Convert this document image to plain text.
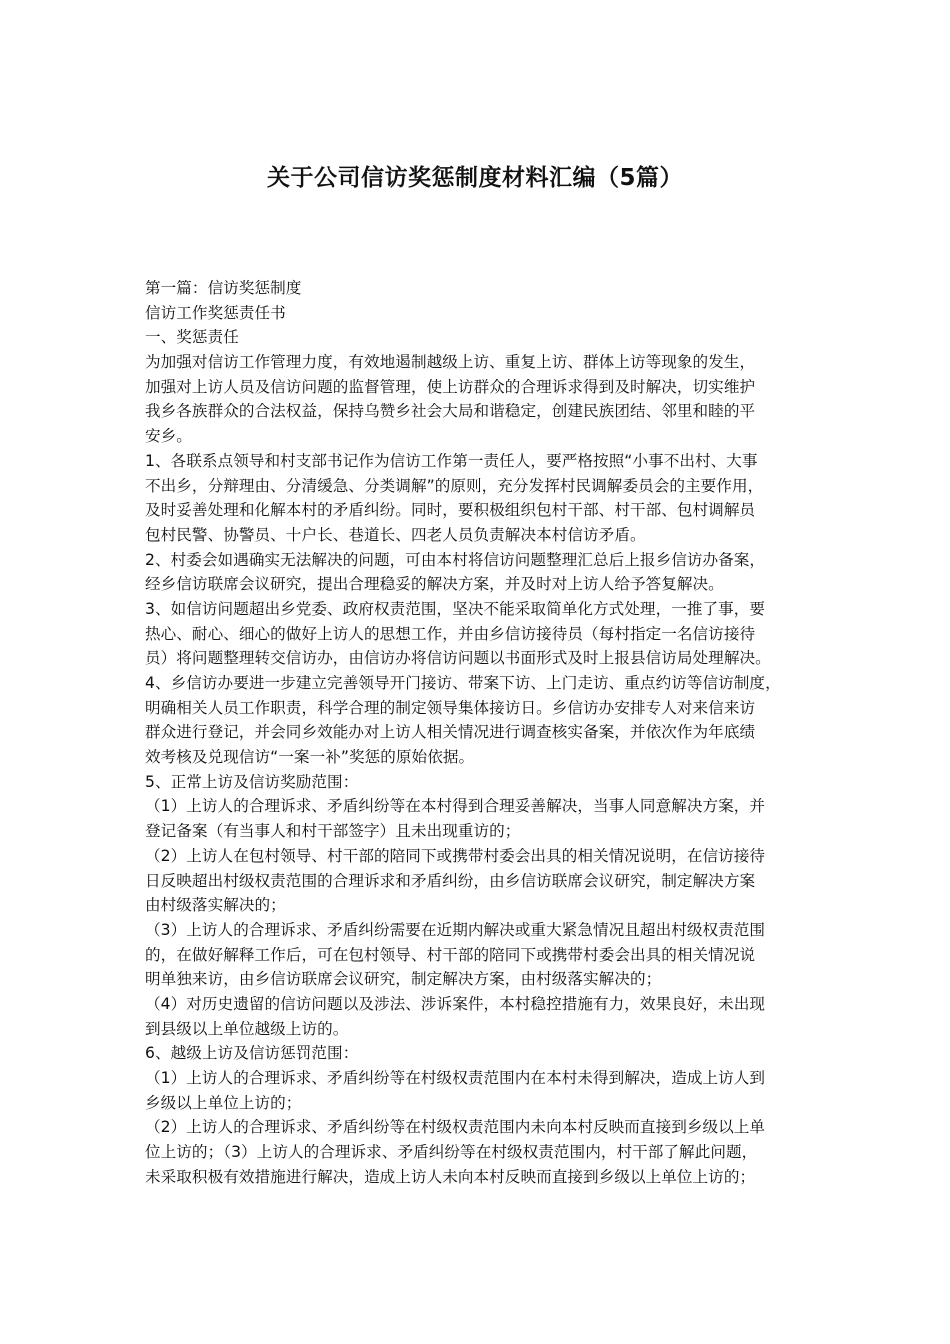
关于公司信访奖惩制度材料汇编（5篇）
第一篇：信访奖惩制度
信访工作奖惩责任书
一、奖惩责任
为加强对信访工作管理力度，有效地遏制越级上访、重复上访、群体上访等现象的发生，
加强对上访人员及信访问题的监督管理，使上访群众的合理诉求得到及时解决，切实维护
我乡各族群众的合法权益，保持乌赞乡社会大局和谐稳定，创建民族团结、邻里和睦的平
安乡。
1、各联系点领导和村支部书记作为信访工作第一责任人，要严格按照“小事不出村、大事
不出乡，分辩理由、分清缓急、分类调解”的原则，充分发挥村民调解委员会的主要作用，
及时妥善处理和化解本村的矛盾纠纷。同时，要积极组织包村干部、村干部、包村调解员
包村民警、协警员、十户长、巷道长、四老人员负责解决本村信访矛盾。
2、村委会如遇确实无法解决的问题，可由本村将信访问题整理汇总后上报乡信访办备案，
经乡信访联席会议研究，提出合理稳妥的解决方案，并及时对上访人给予答复解决。
3、如信访问题超出乡党委、政府权责范围，坚决不能采取简单化方式处理，一推了事，要
热心、耐心、细心的做好上访人的思想工作，并由乡信访接待员（每村指定一名信访接待
员）将问题整理转交信访办，由信访办将信访问题以书面形式及时上报县信访局处理解决。
4、乡信访办要进一步建立完善领导开门接访、带案下访、上门走访、重点约访等信访制度，
明确相关人员工作职责，科学合理的制定领导集体接访日。乡信访办安排专人对来信来访
群众进行登记，并会同乡效能办对上访人相关情况进行调查核实备案，并依次作为年底绩
效考核及兑现信访“一案一补”奖惩的原始依据。
5、正常上访及信访奖励范围：
（1）上访人的合理诉求、矛盾纠纷等在本村得到合理妥善解决，当事人同意解决方案，并
登记备案（有当事人和村干部签字）且未出现重访的；
（2）上访人在包村领导、村干部的陪同下或携带村委会出具的相关情况说明，在信访接待
日反映超出村级权责范围的合理诉求和矛盾纠纷，由乡信访联席会议研究，制定解决方案
由村级落实解决的；
（3）上访人的合理诉求、矛盾纠纷需要在近期内解决或重大紧急情况且超出村级权责范围
的，在做好解释工作后，可在包村领导、村干部的陪同下或携带村委会出具的相关情况说
明单独来访，由乡信访联席会议研究，制定解决方案，由村级落实解决的；
（4）对历史遗留的信访问题以及涉法、涉诉案件，本村稳控措施有力，效果良好，未出现
到县级以上单位越级上访的。
6、越级上访及信访惩罚范围：
（1）上访人的合理诉求、矛盾纠纷等在村级权责范围内在本村未得到解决，造成上访人到
乡级以上单位上访的；
（2）上访人的合理诉求、矛盾纠纷等在村级权责范围内未向本村反映而直接到乡级以上单
位上访的；（3）上访人的合理诉求、矛盾纠纷等在村级权责范围内，村干部了解此问题，
未采取积极有效措施进行解决，造成上访人未向本村反映而直接到乡级以上单位上访的；
